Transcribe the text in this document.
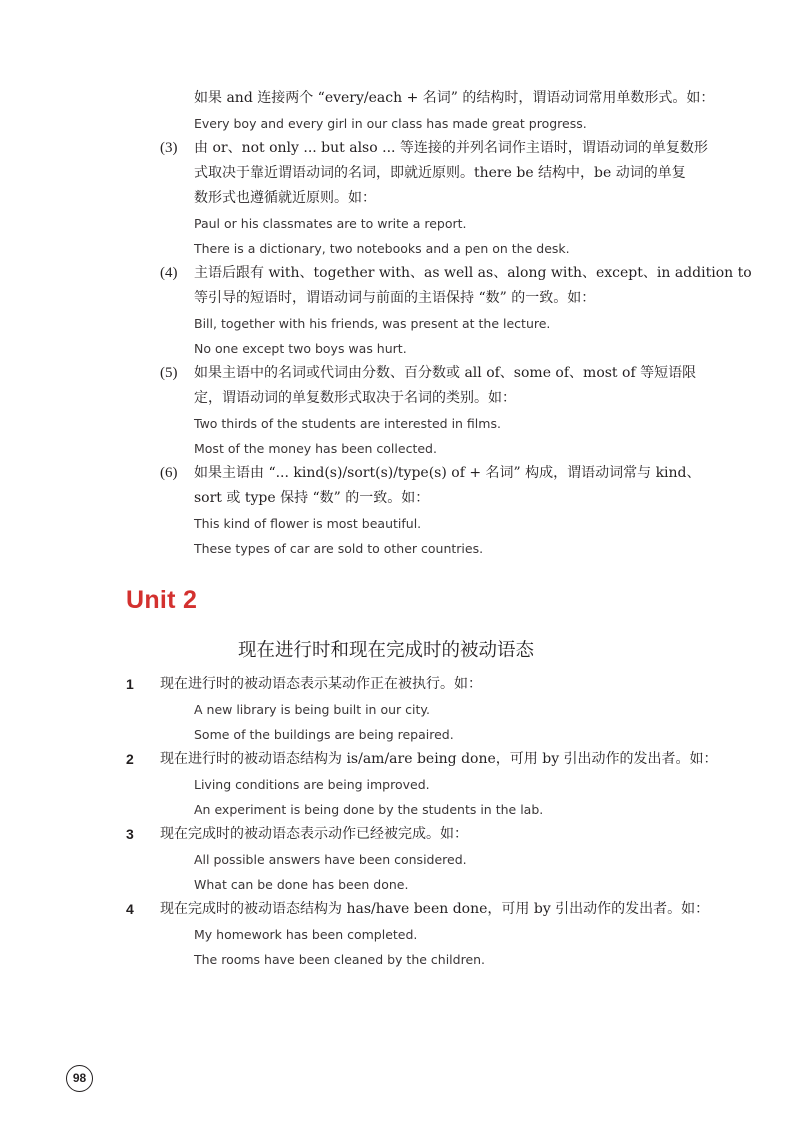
如果 and 连接两个 “every/each + 名词” 的结构时，谓语动词常用单数形式。如：
Every boy and every girl in our class has made great progress.
(3) 由 or、not only ... but also ... 等连接的并列名词作主语时，谓语动词的单复数形
式取决于靠近谓语动词的名词，即就近原则。there be 结构中，be 动词的单复
数形式也遵循就近原则。如：
Paul or his classmates are to write a report.
There is a dictionary, two notebooks and a pen on the desk.
(4) 主语后跟有 with、together with、as well as、along with、except、in addition to
等引导的短语时，谓语动词与前面的主语保持 “数” 的一致。如：
Bill, together with his friends, was present at the lecture.
No one except two boys was hurt.
(5) 如果主语中的名词或代词由分数、百分数或 all of、some of、most of 等短语限
定，谓语动词的单复数形式取决于名词的类别。如：
Two thirds of the students are interested in films.
Most of the money has been collected.
(6) 如果主语由 “... kind(s)/sort(s)/type(s) of + 名词” 构成，谓语动词常与 kind、
sort 或 type 保持 “数” 的一致。如：
This kind of flower is most beautiful.
These types of car are sold to other countries.
Unit 2
现在进行时和现在完成时的被动语态
1 现在进行时的被动语态表示某动作正在被执行。如：
A new library is being built in our city.
Some of the buildings are being repaired.
2 现在进行时的被动语态结构为 is/am/are being done，可用 by 引出动作的发出者。如：
Living conditions are being improved.
An experiment is being done by the students in the lab.
3 现在完成时的被动语态表示动作已经被完成。如：
All possible answers have been considered.
What can be done has been done.
4 现在完成时的被动语态结构为 has/have been done，可用 by 引出动作的发出者。如：
My homework has been completed.
The rooms have been cleaned by the children.
98
